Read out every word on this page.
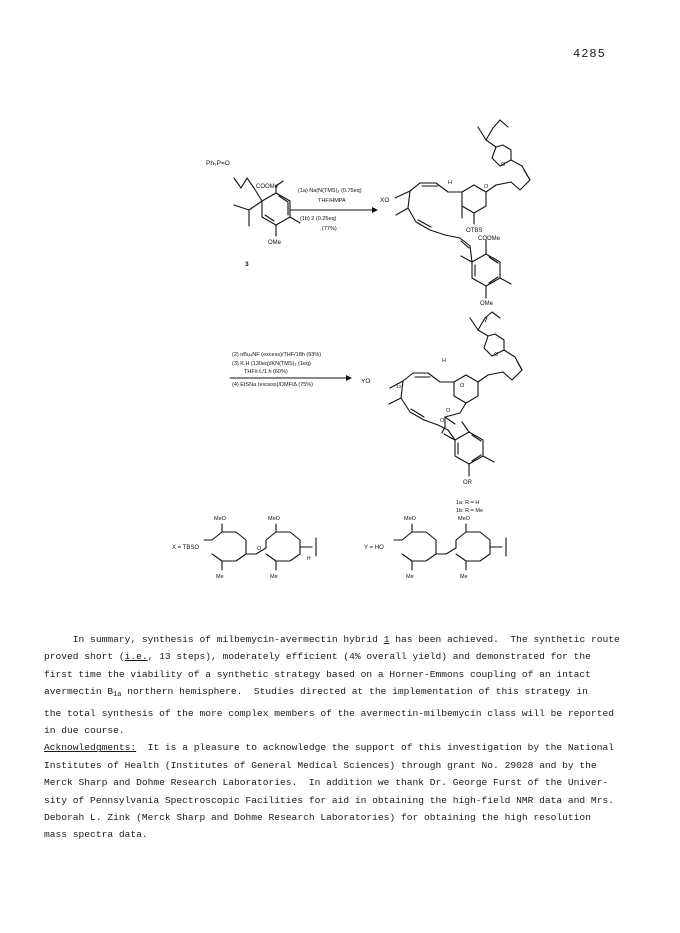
4285
Ph₃P=O
COOMe
OMe
3
(1a) Na(N(TMS)₂ (0.75eq)
THF/HMPA
(1b) 2 (0.25eq)
(77%)
XO
H
O
O
OTBS
COOMe
OMe
7
(2) nBu₄NF (excess)/THF/18h (93%)
(3) K.H (130eq)/KN(TMS)₂ (1eq)
THF/r.t./1 h (60%)
(4) EtSNa (excess)/DMF/Δ (75%)	YO
13
H
O
O
O
O
OR
1a: R = H
1b: R = Me
X = TBSO	Y = HO
MeO	MeO	MeO	MeO
Me	Me	Me	Me
O
H
In summary, synthesis of milbemycin-avermectin hybrid 1 has been achieved.  The synthetic route
proved short (i.e., 13 steps), moderately efficient (4% overall yield) and demonstrated for the
first time the viability of a synthetic strategy based on a Horner-Emmons coupling of an intact
avermectin $B_{1a}$ northern hemisphere.  Studies directed at the implementation of this strategy in
the total synthesis of the more complex members of the avermectin-milbemycin class will be reported
in due course.
Acknowledgments:  It is a pleasure to acknowledge the support of this investigation by the National
Institutes of Health (Institutes of General Medical Sciences) through grant No. 29028 and by the
Merck Sharp and Dohme Research Laboratories.  In addition we thank Dr. George Furst of the Univer-
sity of Pennsylvania Spectroscopic Facilities for aid in obtaining the high-field NMR data and Mrs.
Deborah L. Zink (Merck Sharp and Dohme Research Laboratories) for obtaining the high resolution
mass spectra data.
